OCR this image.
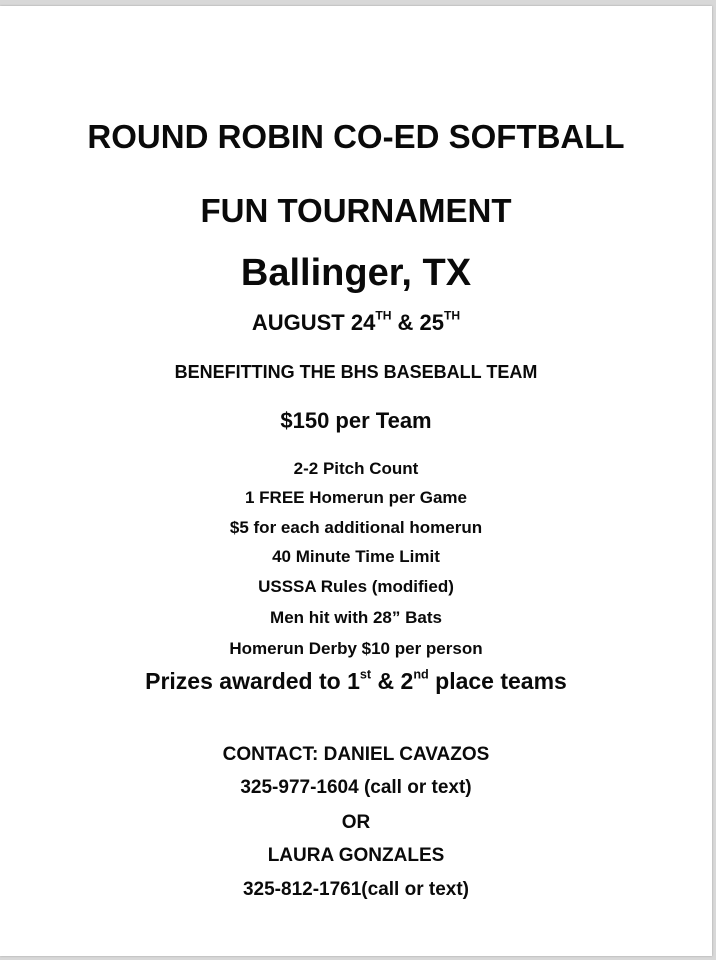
ROUND ROBIN CO-ED SOFTBALL
FUN TOURNAMENT
Ballinger, TX
AUGUST 24TH & 25TH
BENEFITTING THE BHS BASEBALL TEAM
$150 per Team
2-2 Pitch Count
1 FREE Homerun per Game
$5 for each additional homerun
40 Minute Time Limit
USSSA Rules (modified)
Men hit with 28” Bats
Homerun Derby $10 per person
Prizes awarded to 1st & 2nd place teams
CONTACT: DANIEL CAVAZOS
325-977-1604 (call or text)
OR
LAURA GONZALES
325-812-1761(call or text)
